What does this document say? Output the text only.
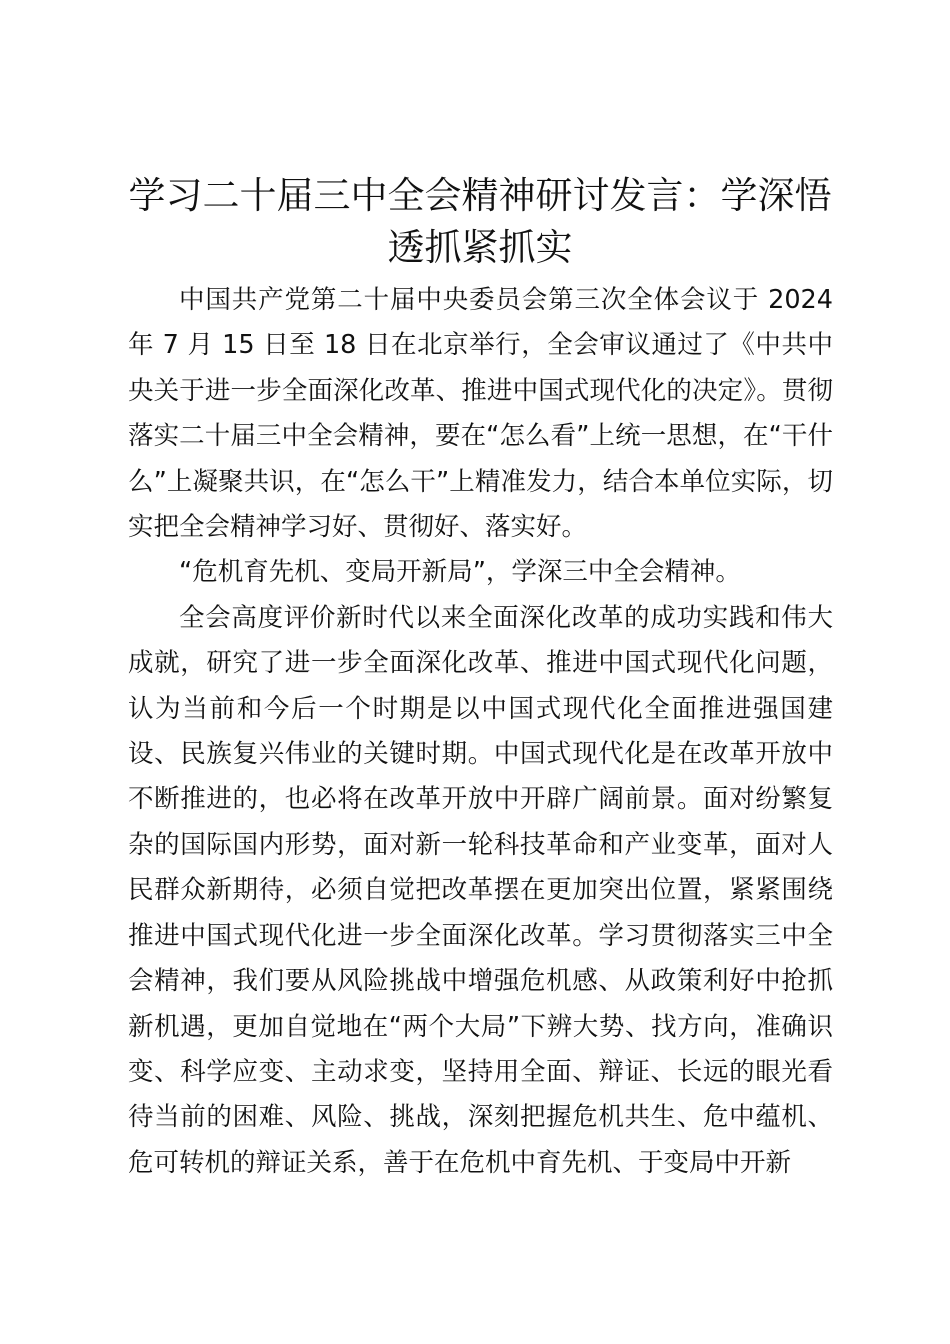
学习二十届三中全会精神研讨发言：学深悟透抓紧抓实

中国共产党第二十届中央委员会第三次全体会议于 2024 年 7 月 15 日至 18 日在北京举行，全会审议通过了《中共中央关于进一步全面深化改革、推进中国式现代化的决定》。贯彻落实二十届三中全会精神，要在“怎么看”上统一思想，在“干什么”上凝聚共识，在“怎么干”上精准发力，结合本单位实际，切实把全会精神学习好、贯彻好、落实好。

“危机育先机、变局开新局”，学深三中全会精神。

全会高度评价新时代以来全面深化改革的成功实践和伟大成就，研究了进一步全面深化改革、推进中国式现代化问题，认为当前和今后一个时期是以中国式现代化全面推进强国建设、民族复兴伟业的关键时期。中国式现代化是在改革开放中不断推进的，也必将在改革开放中开辟广阔前景。面对纷繁复杂的国际国内形势，面对新一轮科技革命和产业变革，面对人民群众新期待，必须自觉把改革摆在更加突出位置，紧紧围绕推进中国式现代化进一步全面深化改革。学习贯彻落实三中全会精神，我们要从风险挑战中增强危机感、从政策利好中抢抓新机遇，更加自觉地在“两个大局”下辨大势、找方向，准确识变、科学应变、主动求变，坚持用全面、辩证、长远的眼光看待当前的困难、风险、挑战，深刻把握危机共生、危中蕴机、危可转机的辩证关系，善于在危机中育先机、于变局中开新
